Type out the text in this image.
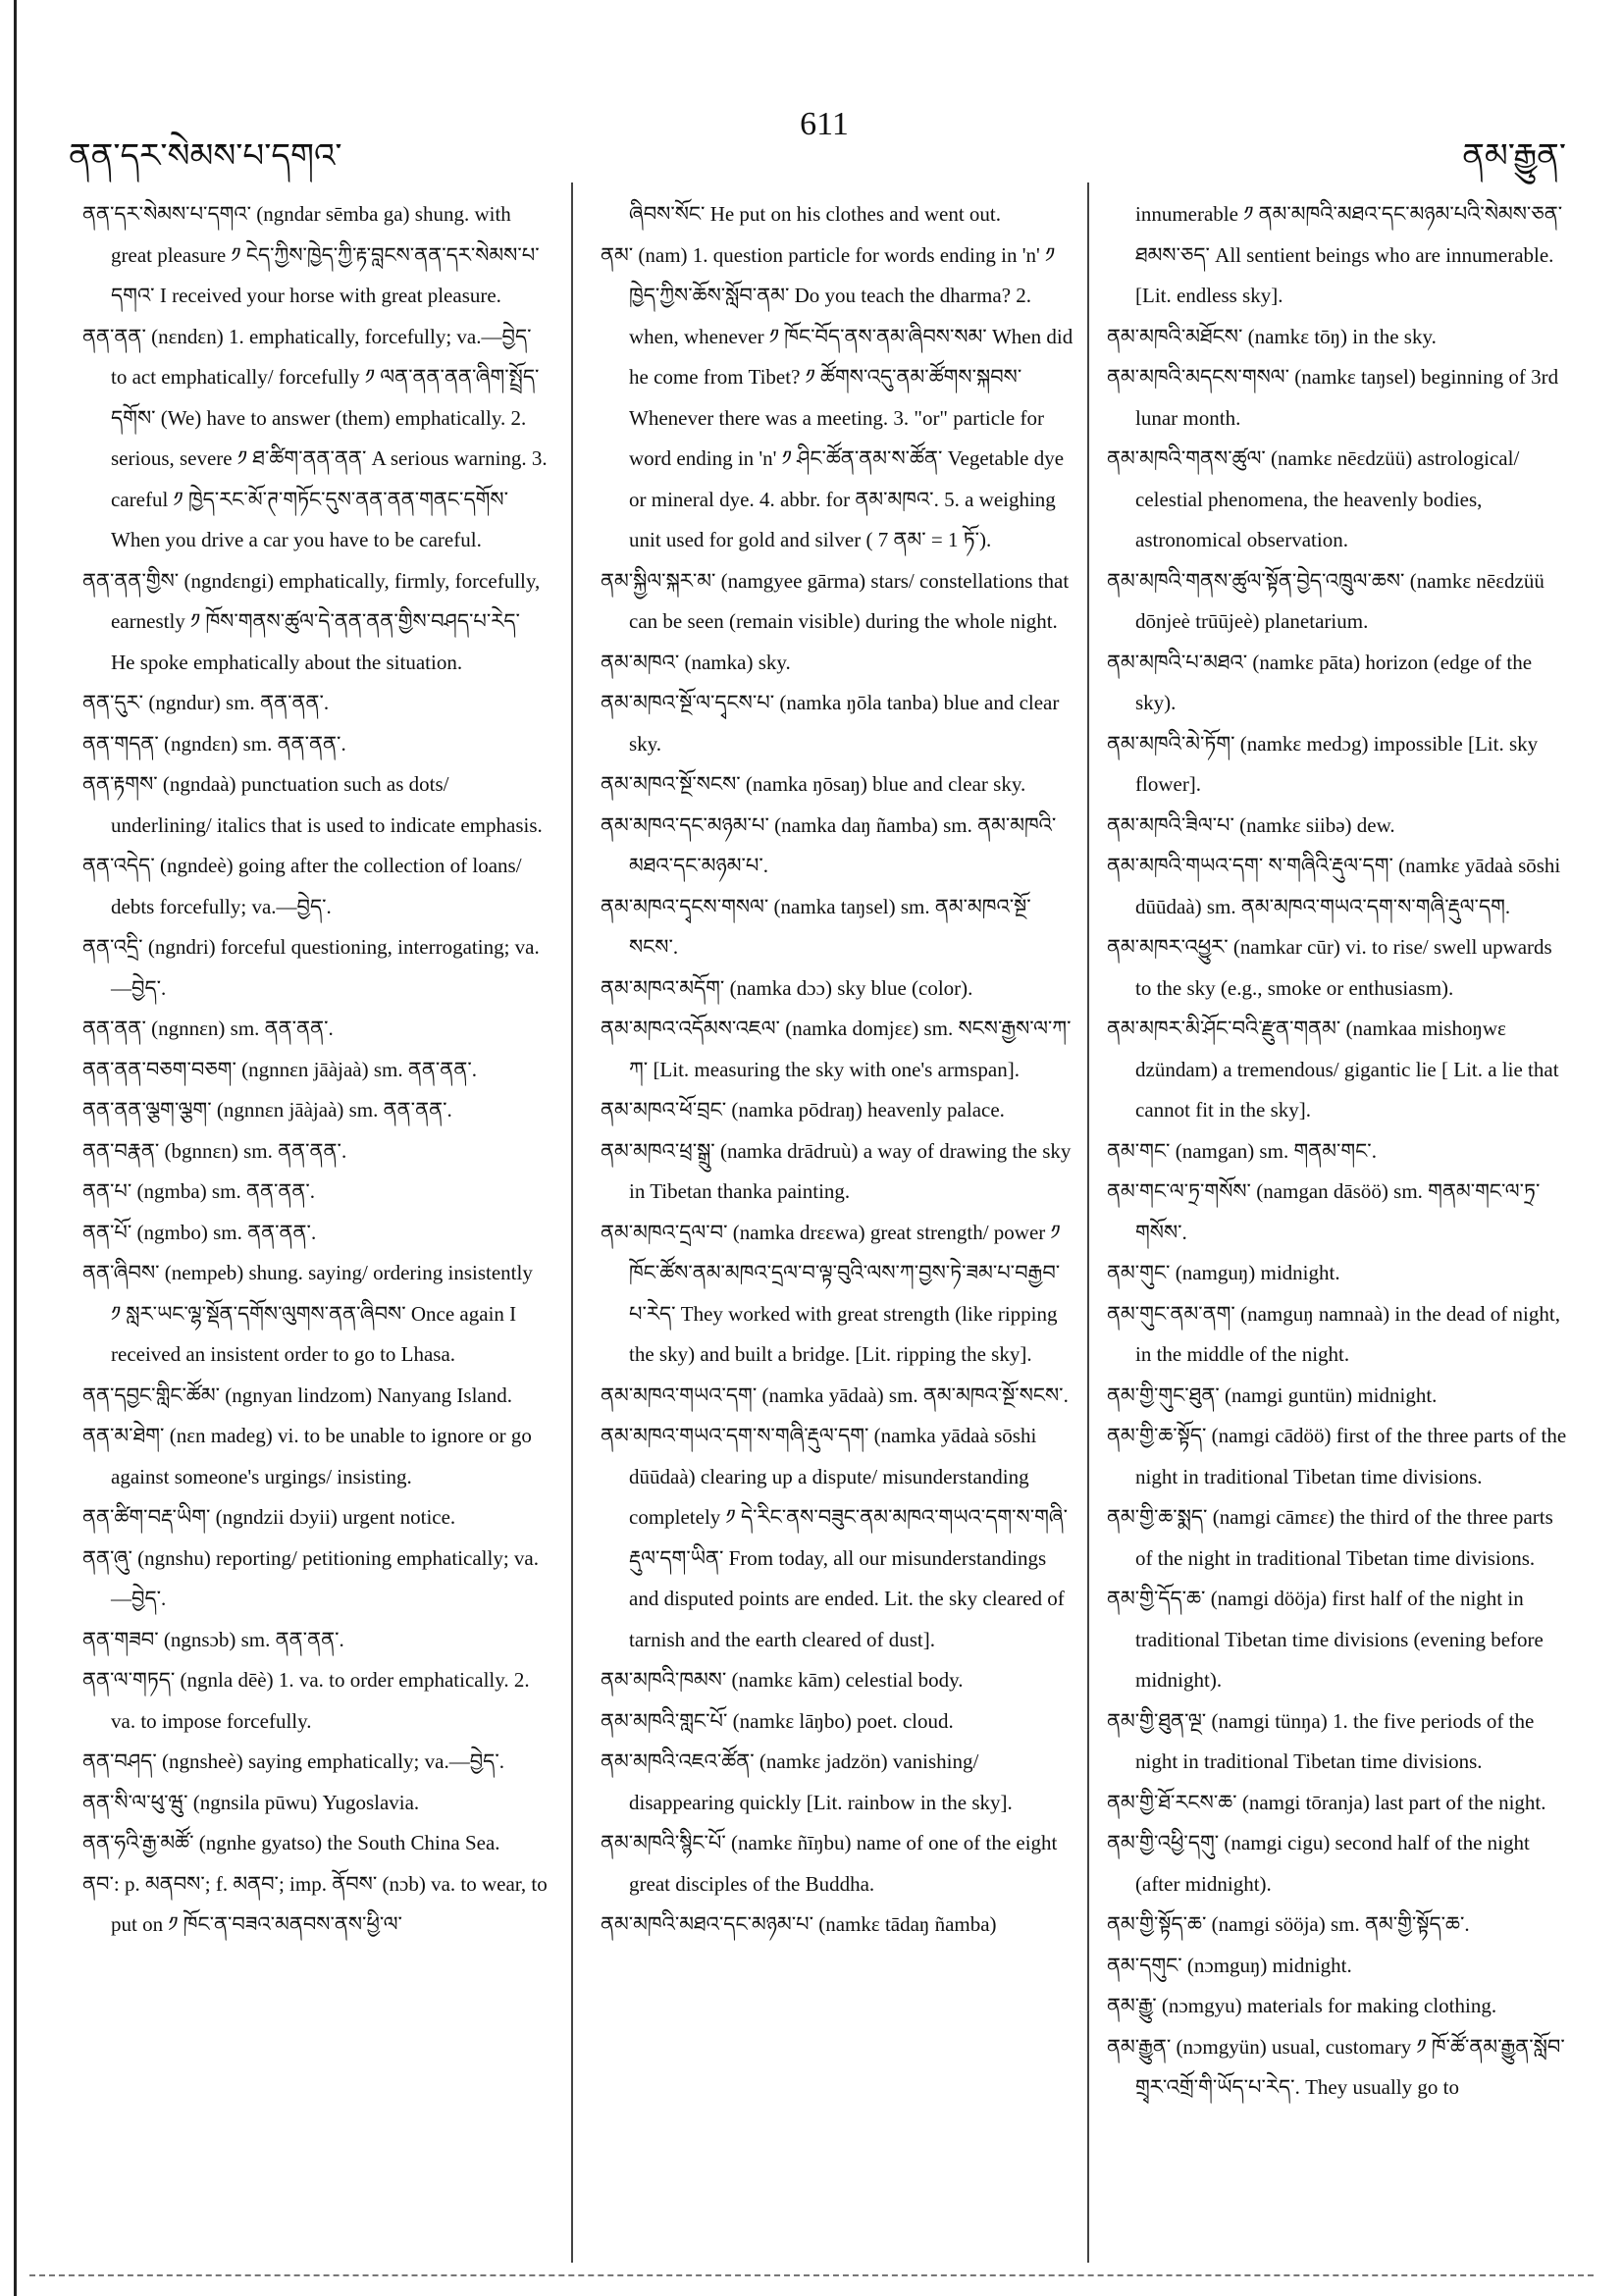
ནན་དར་སེམས་པ་དགའ་
611
ནམ་རྒྱུན་

ནན་དར་སེམས་པ་དགའ་ (ngndar sēmba ga) shung. with great pleasure ༡ ངེད་ཀྱིས་ཁྱེད་ཀྱི་རྟ་བླངས་ནན་དར་སེམས་པ་དགའ་ I received your horse with great pleasure.

ནན་ནན་ (nɛndɛn) 1. emphatically, forcefully; va.—བྱེད་ to act emphatically/ forcefully ༡ ལན་ནན་ནན་ཞིག་སྤྲོད་དགོས་ (We) have to answer (them) emphatically. 2. serious, severe ༡ ཐ་ཚིག་ནན་ནན་ A serious warning. 3. careful ༡ ཁྱེད་རང་མོ་ཊ་གཏོང་དུས་ནན་ནན་གནང་དགོས་ When you drive a car you have to be careful.

ནན་ནན་གྱིས་ (ngndɛngi) emphatically, firmly, forcefully, earnestly ༡ ཁོས་གནས་ཚུལ་དེ་ནན་ནན་གྱིས་བཤད་པ་རེད་ He spoke emphatically about the situation.

ནན་དུར་ (ngndur) sm. ནན་ནན་.

ནན་གདན་ (ngndɛn) sm. ནན་ནན་.

ནན་རྟགས་ (ngndaà) punctuation such as dots/ underlining/ italics that is used to indicate emphasis.

ནན་འདེད་ (ngndeè) going after the collection of loans/ debts forcefully; va.—བྱེད་.

ནན་འདྲི་ (ngndri) forceful questioning, interrogating; va.—བྱེད་.

ནན་ནན་ (ngnnɛn) sm. ནན་ནན་.

ནན་ནན་བཅག་བཅག་ (ngnnɛn jāàjaà) sm. ནན་ནན་.

ནན་ནན་ལྕག་ལྕག་ (ngnnɛn jāàjaà) sm. ནན་ནན་.

ནན་བརྣན་ (bgnnɛn) sm. ནན་ནན་.

ནན་པ་ (ngmba) sm. ནན་ནན་.

ནན་པོ་ (ngmbo) sm. ནན་ནན་.

ནན་ཞིབས་ (nempeb) shung. saying/ ordering insistently ༡ སླར་ཡང་ལྷ་སྡོན་དགོས་ལུགས་ནན་ཞིབས་ Once again I received an insistent order to go to Lhasa.

ནན་དབྱང་གླིང་ཚོམ་ (ngnyan lindzom) Nanyang Island.

ནན་མ་ཐེག་ (nɛn madeg) vi. to be unable to ignore or go against someone's urgings/ insisting.

ནན་ཚིག་བརྡ་ཡིག་ (ngndzii dɔyii) urgent notice.

ནན་ཞུ་ (ngnshu) reporting/ petitioning emphatically; va.—བྱེད་.

ནན་གཟབ་ (ngnsɔb) sm. ནན་ནན་.

ནན་ལ་གཏད་ (ngnla dēè) 1. va. to order emphatically. 2. va. to impose forcefully.

ནན་བཤད་ (ngnsheè) saying emphatically; va.—བྱེད་.

ནན་སི་ལ་ཕུ་ཝུ་ (ngnsila pūwu) Yugoslavia.

ནན་ཧའི་རྒྱ་མཚོ་ (ngnhe gyatso) the South China Sea.

ནབ་: p. མནབས་; f. མནབ་; imp. ནོབས་ (nɔb) va. to wear, to put on ༡ ཁོང་ན་བཟའ་མནབས་ནས་ཕྱི་ལ་

ཞིབས་སོང་ He put on his clothes and went out.

ནམ་ (nam) 1. question particle for words ending in 'n' ༡ ཁྱེད་ཀྱིས་ཆོས་སློབ་ནམ་ Do you teach the dharma? 2. when, whenever ༡ ཁོང་བོད་ནས་ནམ་ཞིབས་སམ་ When did he come from Tibet? ༡ ཚོགས་འདུ་ནམ་ཚོགས་སྐབས་ Whenever there was a meeting. 3. "or" particle for word ending in 'n' ༡ ཤིང་ཚོན་ནམ་ས་ཚོན་ Vegetable dye or mineral dye. 4. abbr. for ནམ་མཁའ་. 5. a weighing unit used for gold and silver ( 7 ནམ་ = 1 ཏོ་).

ནམ་སྐྱིལ་སྐར་མ་ (namgyee gārma) stars/ constellations that can be seen (remain visible) during the whole night.

ནམ་མཁའ་ (namka) sky.

ནམ་མཁའ་སྔོ་ལ་དྭངས་པ་ (namka ŋōla tanba) blue and clear sky.

ནམ་མཁའ་སྔོ་སངས་ (namka ŋōsaŋ) blue and clear sky.

ནམ་མཁའ་དང་མཉམ་པ་ (namka daŋ ñamba) sm. ནམ་མཁའི་མཐའ་དང་མཉམ་པ་.

ནམ་མཁའ་དྭངས་གསལ་ (namka taŋsel) sm. ནམ་མཁའ་སྔོ་སངས་.

ནམ་མཁའ་མདོག་ (namka dɔɔ) sky blue (color).

ནམ་མཁའ་འདོམས་འཇལ་ (namka domjɛɛ) sm. སངས་རྒྱས་ལ་ཀ་ཀ་ [Lit. measuring the sky with one's armspan].

ནམ་མཁའ་ཕོ་བྲང་ (namka pōdraŋ) heavenly palace.

ནམ་མཁའ་ཕྲ་སྒྲུ་ (namka drādruù) a way of drawing the sky in Tibetan thanka painting.

ནམ་མཁའ་དྲལ་བ་ (namka drɛɛwa) great strength/ power ༡ ཁོང་ཚོས་ནམ་མཁའ་དྲལ་བ་ལྟ་བུའི་ལས་ཀ་བྱས་ཏེ་ཟམ་པ་བརྒྱབ་པ་རེད་ They worked with great strength (like ripping the sky) and built a bridge. [Lit. ripping the sky].

ནམ་མཁའ་གཡའ་དག་ (namka yādaà) sm. ནམ་མཁའ་སྔོ་སངས་.

ནམ་མཁའ་གཡའ་དག་ས་གཞི་རྡུལ་དག་ (namka yādaà sōshi dūūdaà) clearing up a dispute/ misunderstanding completely ༡ དེ་རིང་ནས་བཟུང་ནམ་མཁའ་གཡའ་དག་ས་གཞི་རྡུལ་དག་ཡིན་ From today, all our misunderstandings and disputed points are ended. Lit. the sky cleared of tarnish and the earth cleared of dust].

ནམ་མཁའི་ཁམས་ (namkɛ kām) celestial body.

ནམ་མཁའི་གླང་པོ་ (namkɛ lāŋbo) poet. cloud.

ནམ་མཁའི་འཇའ་ཚོན་ (namkɛ jadzön) vanishing/ disappearing quickly [Lit. rainbow in the sky].

ནམ་མཁའི་སྙིང་པོ་ (namkɛ ñīŋbu) name of one of the eight great disciples of the Buddha.

ནམ་མཁའི་མཐའ་དང་མཉམ་པ་ (namkɛ tādaŋ ñamba)

innumerable ༡ ནམ་མཁའི་མཐའ་དང་མཉམ་པའི་སེམས་ཅན་ཐམས་ཅད་ All sentient beings who are innumerable. [Lit. endless sky].

ནམ་མཁའི་མཐོངས་ (namkɛ tōŋ) in the sky.

ནམ་མཁའི་མདངས་གསལ་ (namkɛ taŋsel) beginning of 3rd lunar month.

ནམ་མཁའི་གནས་ཚུལ་ (namkɛ nēɛdzüü) astrological/ celestial phenomena, the heavenly bodies, astronomical observation.

ནམ་མཁའི་གནས་ཚུལ་སྟོན་བྱེད་འཁྲུལ་ཆས་ (namkɛ nēɛdzüü dōnjeè trūūjeè) planetarium.

ནམ་མཁའི་པ་མཐའ་ (namkɛ pāta) horizon (edge of the sky).

ནམ་མཁའི་མེ་ཏོག་ (namkɛ medɔg) impossible [Lit. sky flower].

ནམ་མཁའི་ཟིལ་པ་ (namkɛ siibə) dew.

ནམ་མཁའི་གཡའ་དག་ ས་གཞིའི་རྡུལ་དག་ (namkɛ yādaà sōshi dūūdaà) sm. ནམ་མཁའ་གཡའ་དག་ས་གཞི་རྡུལ་དག.

ནམ་མཁར་འཕྱུར་ (namkar cūr) vi. to rise/ swell upwards to the sky (e.g., smoke or enthusiasm).

ནམ་མཁར་མི་ཤོང་བའི་རྫུན་གནམ་ (namkaa mishoŋwɛ dzündam) a tremendous/ gigantic lie [ Lit. a lie that cannot fit in the sky].

ནམ་གང་ (namgan) sm. གནམ་གང་.

ནམ་གང་ལ་ཏྲ་གསོས་ (namgan dāsöö) sm. གནམ་གང་ལ་ཏྲ་གསོས་.

ནམ་གུང་ (namguŋ) midnight.

ནམ་གུང་ནམ་ནག་ (namguŋ namnaà) in the dead of night, in the middle of the night.

ནམ་གྱི་གུང་ཐུན་ (namgi guntün) midnight.

ནམ་གྱི་ཆ་སྟོད་ (namgi cādöö) first of the three parts of the night in traditional Tibetan time divisions.

ནམ་གྱི་ཆ་སྨད་ (namgi cāmɛɛ) the third of the three parts of the night in traditional Tibetan time divisions.

ནམ་གྱི་དོད་ཆ་ (namgi dööja) first half of the night in traditional Tibetan time divisions (evening before midnight).

ནམ་གྱི་ཐུན་ལྔ་ (namgi tünŋa) 1. the five periods of the night in traditional Tibetan time divisions.

ནམ་གྱི་ཐོ་རངས་ཆ་ (namgi tōranja) last part of the night.

ནམ་གྱི་འཕྱི་དགུ་ (namgi cigu) second half of the night (after midnight).

ནམ་གྱི་སྟོད་ཆ་ (namgi sööja) sm. ནམ་གྱི་སྟོད་ཆ་.

ནམ་དགུང་ (nɔmguŋ) midnight.

ནམ་རྒྱུ་ (nɔmgyu) materials for making clothing.

ནམ་རྒྱུན་ (nɔmgyün) usual, customary ༡ ཁོ་ཚོ་ནམ་རྒྱུན་སློབ་གྲྭར་འགྲོ་གི་ཡོད་པ་རེད་. They usually go to
